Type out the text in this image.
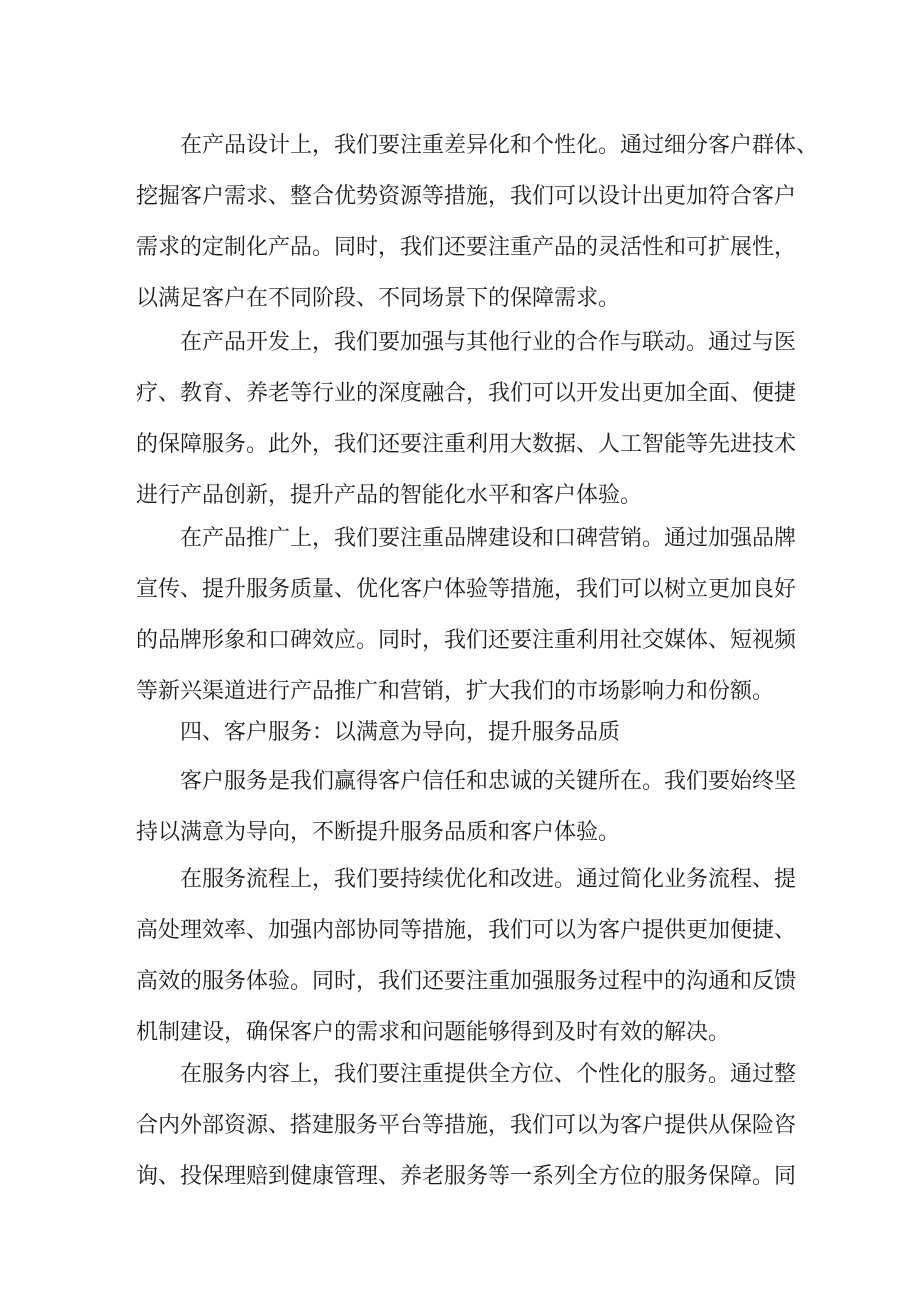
在产品设计上，我们要注重差异化和个性化。通过细分客户群体、
挖掘客户需求、整合优势资源等措施，我们可以设计出更加符合客户
需求的定制化产品。同时，我们还要注重产品的灵活性和可扩展性，
以满足客户在不同阶段、不同场景下的保障需求。
在产品开发上，我们要加强与其他行业的合作与联动。通过与医
疗、教育、养老等行业的深度融合，我们可以开发出更加全面、便捷
的保障服务。此外，我们还要注重利用大数据、人工智能等先进技术
进行产品创新，提升产品的智能化水平和客户体验。
在产品推广上，我们要注重品牌建设和口碑营销。通过加强品牌
宣传、提升服务质量、优化客户体验等措施，我们可以树立更加良好
的品牌形象和口碑效应。同时，我们还要注重利用社交媒体、短视频
等新兴渠道进行产品推广和营销，扩大我们的市场影响力和份额。
四、客户服务：以满意为导向，提升服务品质
客户服务是我们赢得客户信任和忠诚的关键所在。我们要始终坚
持以满意为导向，不断提升服务品质和客户体验。
在服务流程上，我们要持续优化和改进。通过简化业务流程、提
高处理效率、加强内部协同等措施，我们可以为客户提供更加便捷、
高效的服务体验。同时，我们还要注重加强服务过程中的沟通和反馈
机制建设，确保客户的需求和问题能够得到及时有效的解决。
在服务内容上，我们要注重提供全方位、个性化的服务。通过整
合内外部资源、搭建服务平台等措施，我们可以为客户提供从保险咨
询、投保理赔到健康管理、养老服务等一系列全方位的服务保障。同
